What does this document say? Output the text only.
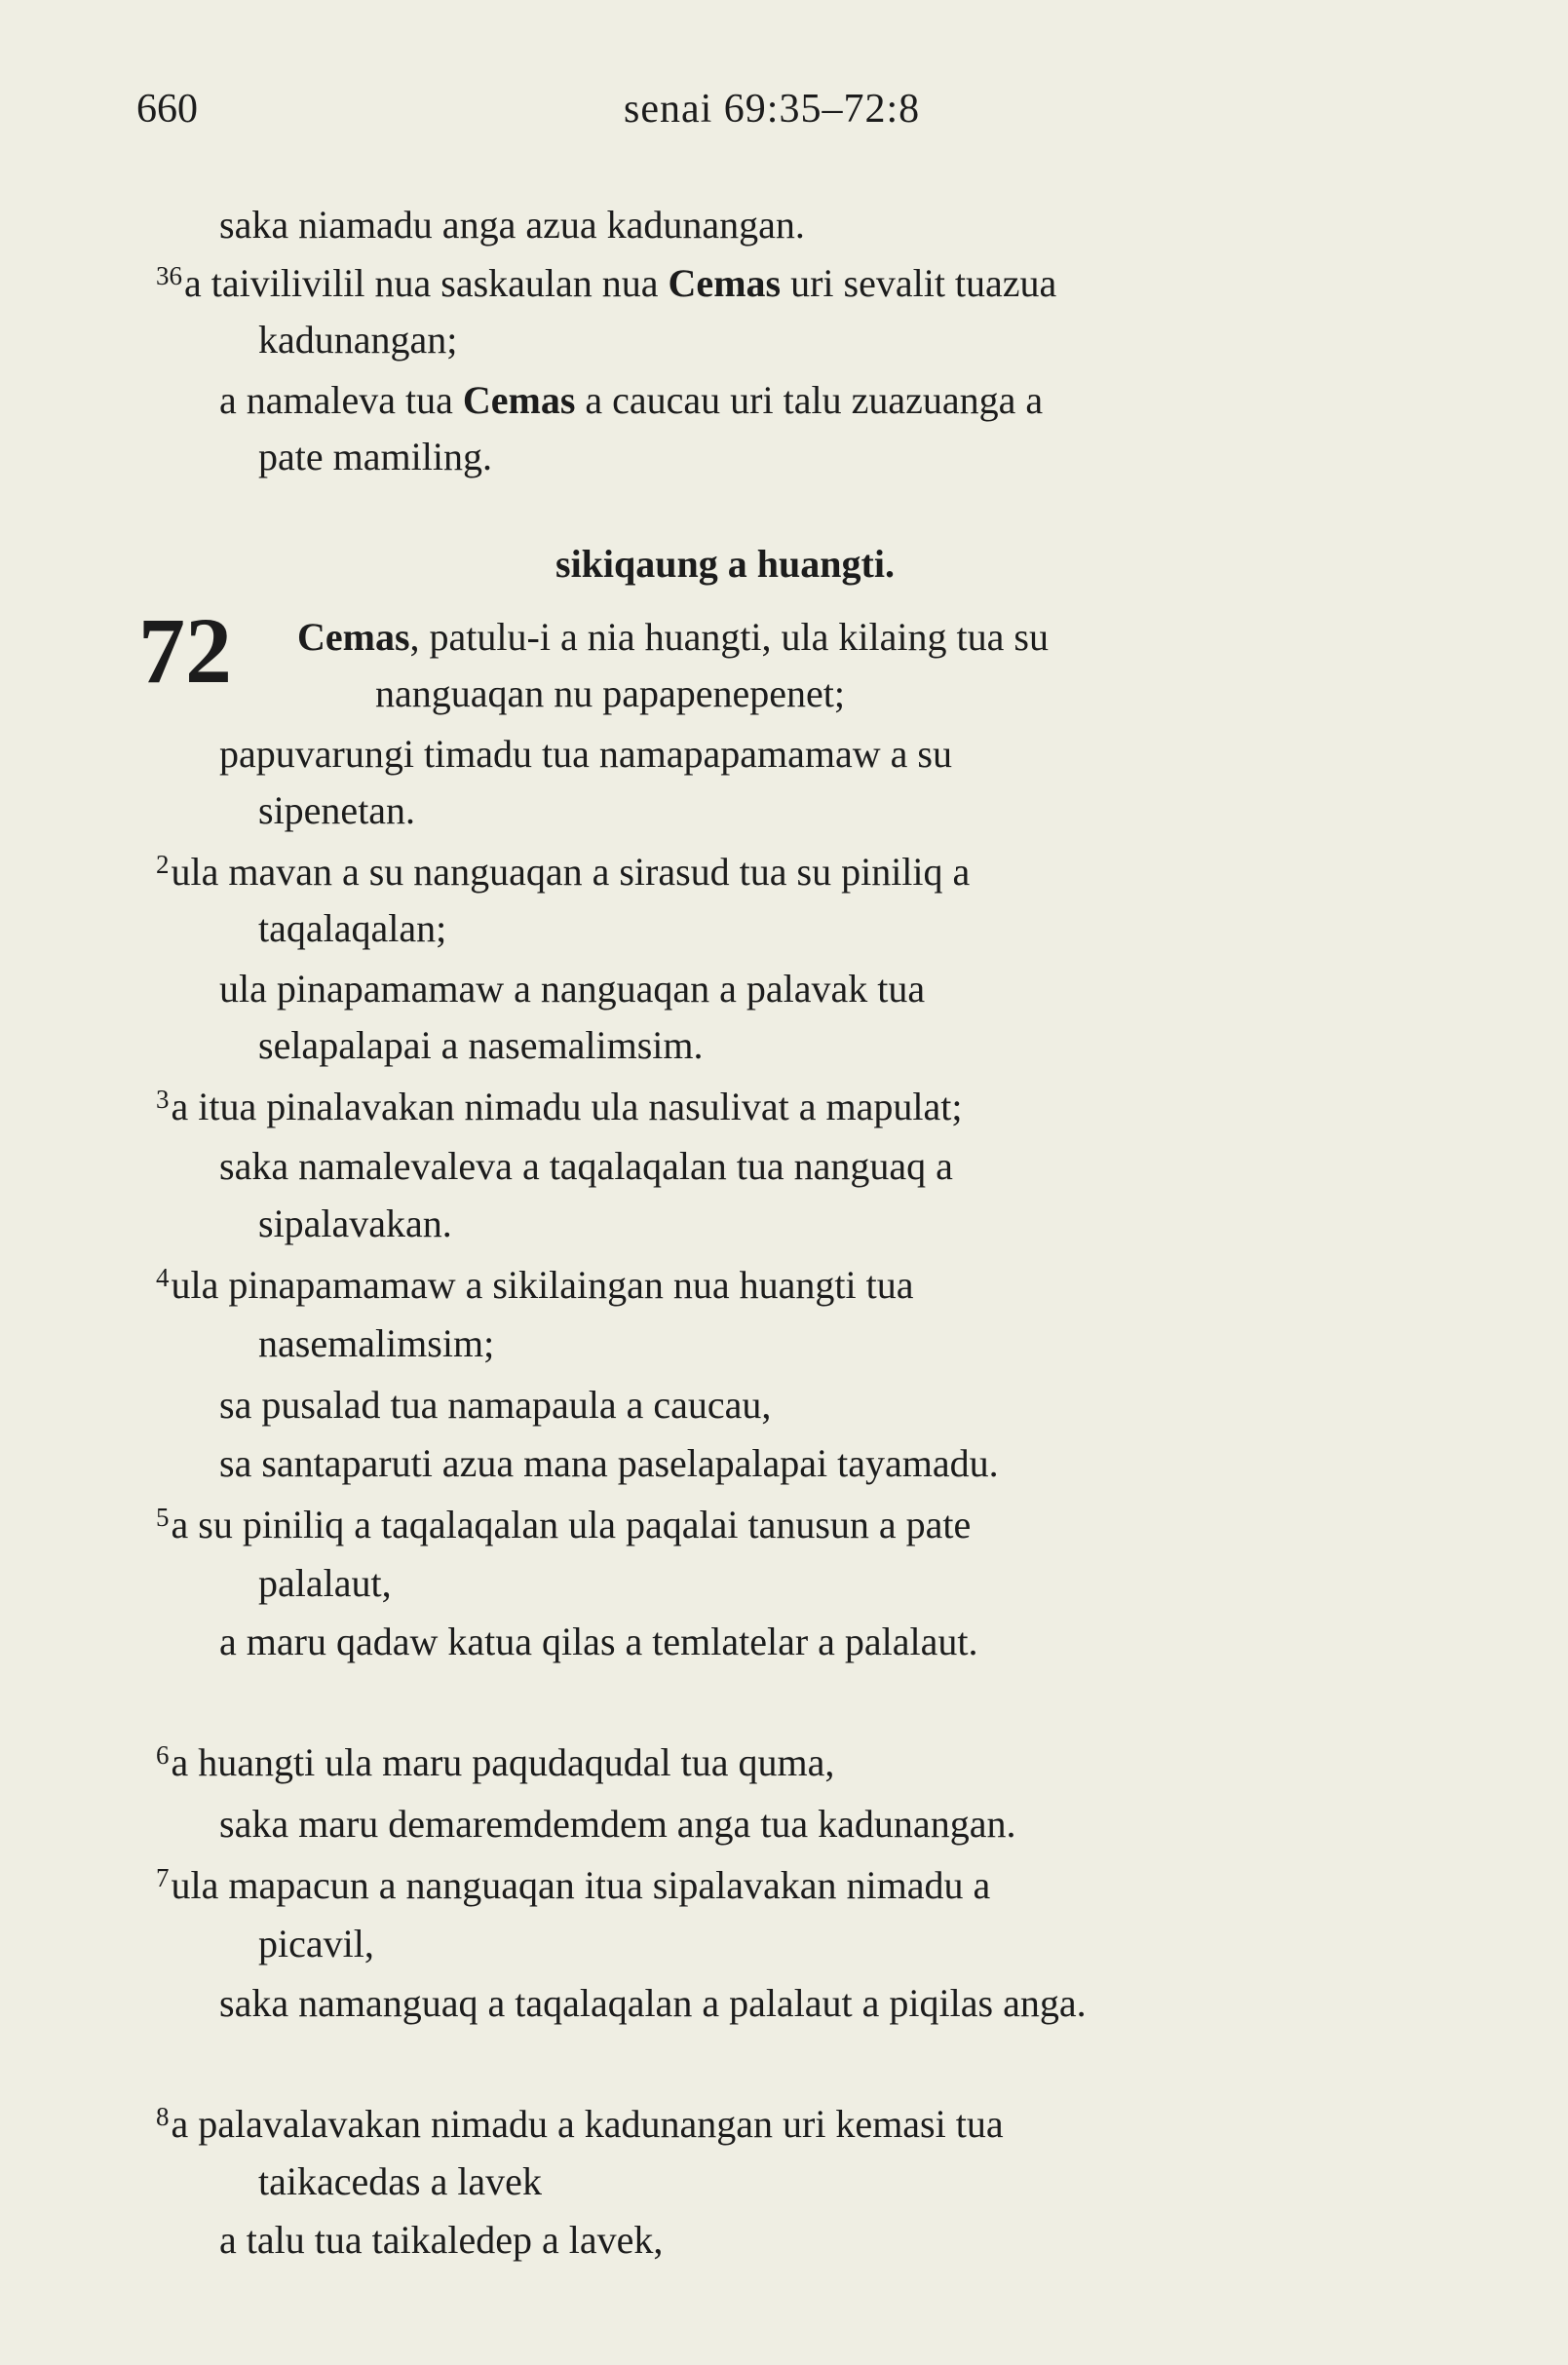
660	senai 69:35–72:8
saka niamadu anga azua kadunangan.
$^{36}$a taivilivilil nua saskaulan nua Cemas uri sevalit tuazua
kadunangan;
a namaleva tua Cemas a caucau uri talu zuazuanga a
pate mamiling.
sikiqaung a huangti.
72 Cemas, patulu-i a nia huangti, ula kilaing tua su
nanguaqan nu papapenepenet;
papuvarungi timadu tua namapapamamaw a su
sipenetan.
$^2$ula mavan a su nanguaqan a sirasud tua su piniliq a
taqalaqalan;
ula pinapamamaw a nanguaqan a palavak tua
selapalapai a nasemalimsim.
$^3$a itua pinalavakan nimadu ula nasulivat a mapulat;
saka namalevaleva a taqalaqalan tua nanguaq a
sipalavakan.
$^4$ula pinapamamaw a sikilaingan nua huangti tua
nasemalimsim;
sa pusalad tua namapaula a caucau,
sa santaparuti azua mana paselapalapai tayamadu.
$^5$a su piniliq a taqalaqalan ula paqalai tanusun a pate
palalaut,
a maru qadaw katua qilas a temlatelar a palalaut.
$^6$a huangti ula maru paqudaqudal tua quma,
saka maru demaremdemdem anga tua kadunangan.
$^7$ula mapacun a nanguaqan itua sipalavakan nimadu a
picavil,
saka namanguaq a taqalaqalan a palalaut a piqilas anga.
$^8$a palavalavakan nimadu a kadunangan uri kemasi tua
taikacedas a lavek
a talu tua taikaledep a lavek,
